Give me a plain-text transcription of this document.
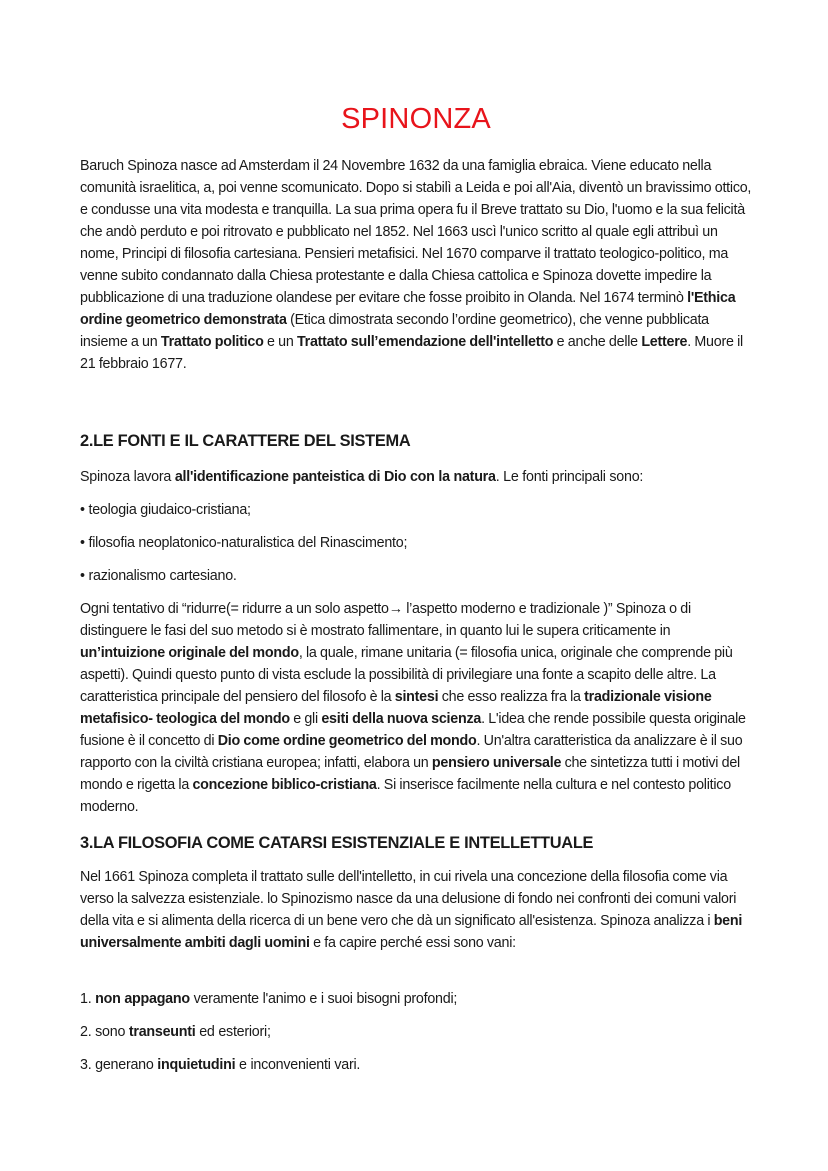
SPINONZA

Baruch Spinoza nasce ad Amsterdam il 24 Novembre 1632 da una famiglia ebraica. Viene educato nella comunità israelitica, a, poi venne scomunicato. Dopo si stabilì a Leida e poi all'Aia, diventò un bravissimo ottico, e condusse una vita modesta e tranquilla. La sua prima opera fu il Breve trattato su Dio, l'uomo e la sua felicità che andò perduto e poi ritrovato e pubblicato nel 1852. Nel 1663 uscì l'unico scritto al quale egli attribuì un nome, Principi di filosofia cartesiana. Pensieri metafisici. Nel 1670 comparve il trattato teologico-politico, ma venne subito condannato dalla Chiesa protestante e dalla Chiesa cattolica e Spinoza dovette impedire la pubblicazione di una traduzione olandese per evitare che fosse proibito in Olanda. Nel 1674 terminò l'Ethica ordine geometrico demonstrata (Etica dimostrata secondo l’ordine geometrico), che venne pubblicata insieme a un Trattato politico e un Trattato sull’emendazione dell'intelletto e anche delle Lettere. Muore il 21 febbraio 1677.

2.LE FONTI E IL CARATTERE DEL SISTEMA
Spinoza lavora all'identificazione panteistica di Dio con la natura. Le fonti principali sono:
• teologia giudaico-cristiana;
• filosofia neoplatonico-naturalistica del Rinascimento;
• razionalismo cartesiano.

Ogni tentativo di “ridurre(= ridurre a un solo aspetto→ l’aspetto moderno e tradizionale )” Spinoza o di distinguere le fasi del suo metodo si è mostrato fallimentare, in quanto lui le supera criticamente in un’intuizione originale del mondo, la quale, rimane unitaria (= filosofia unica, originale che comprende più aspetti). Quindi questo punto di vista esclude la possibilità di privilegiare una fonte a scapito delle altre. La caratteristica principale del pensiero del filosofo è la sintesi che esso realizza fra la tradizionale visione metafisico- teologica del mondo e gli esiti della nuova scienza. L'idea che rende possibile questa originale fusione è il concetto di Dio come ordine geometrico del mondo. Un'altra caratteristica da analizzare è il suo rapporto con la civiltà cristiana europea; infatti, elabora un pensiero universale che sintetizza tutti i motivi del mondo e rigetta la concezione biblico-cristiana. Si inserisce facilmente nella cultura e nel contesto politico moderno.

3.LA FILOSOFIA COME CATARSI ESISTENZIALE E INTELLETTUALE

Nel 1661 Spinoza completa il trattato sulle dell'intelletto, in cui rivela una concezione della filosofia come via verso la salvezza esistenziale. lo Spinozismo nasce da una delusione di fondo nei confronti dei comuni valori della vita e si alimenta della ricerca di un bene vero che dà un significato all'esistenza. Spinoza analizza i beni universalmente ambiti dagli uomini e fa capire perché essi sono vani:

1. non appagano veramente l'animo e i suoi bisogni profondi;
2. sono transeunti ed esteriori;
3. generano inquietudini e inconvenienti vari.
